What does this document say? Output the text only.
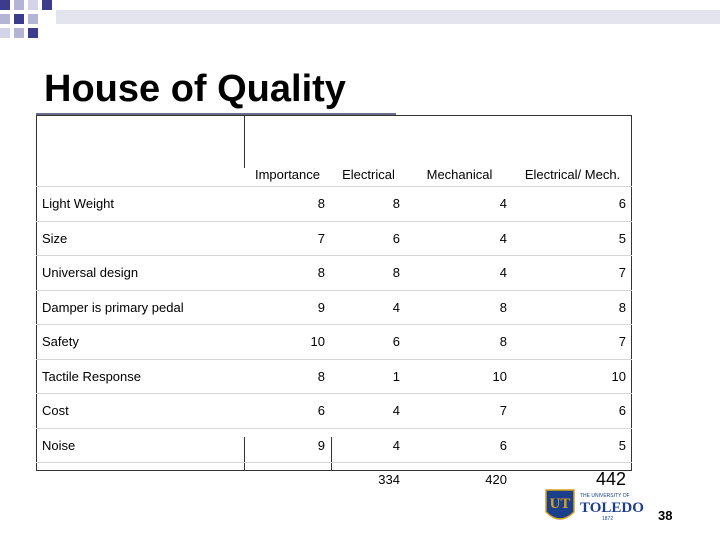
House of Quality
	Importance	Electrical	Mechanical	Electrical/ Mech.
Light Weight	8	8	4	6
Size	7	6	4	5
Universal design	8	8	4	7
Damper is primary pedal	9	4	8	8
Safety	10	6	8	7
Tactile Response	8	1	10	10
Cost	6	4	7	6
Noise	9	4	6	5
		334	420	442
UT THE UNIVERSITY OF
TOLEDO
1872	38
